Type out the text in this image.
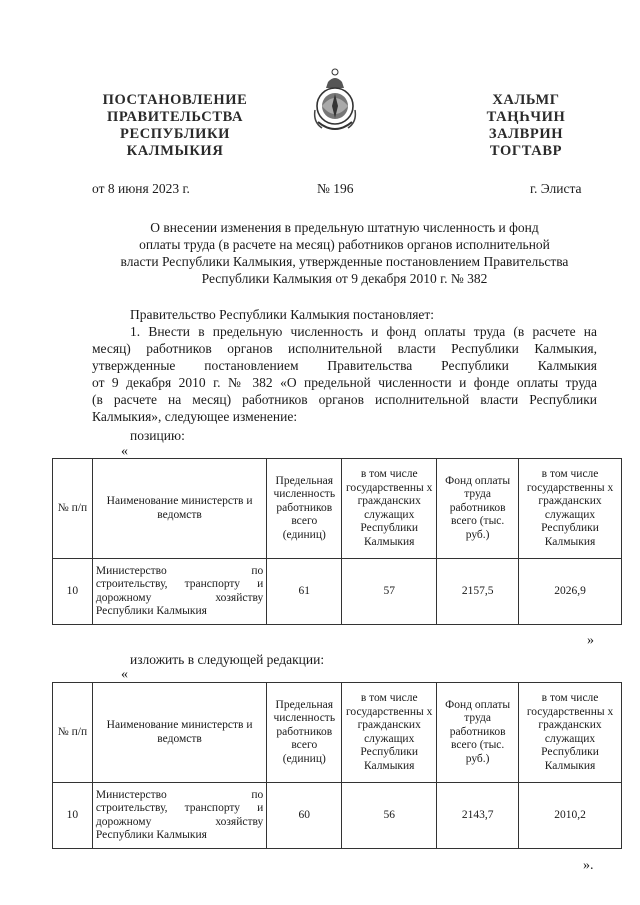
ПОСТАНОВЛЕНИЕ
ПРАВИТЕЛЬСТВА
РЕСПУБЛИКИ
КАЛМЫКИЯ
ХАЛЬМГ
ТАҢҺЧИН
ЗАЛВРИН
ТОГТАВР
от 8 июня 2023 г.	№ 196	г. Элиста
О внесении изменения в предельную штатную численность и фонд
оплаты труда (в расчете на месяц) работников органов исполнительной
власти Республики Калмыкия, утвержденные постановлением Правительства
Республики Калмыкия от 9 декабря 2010 г. № 382
Правительство Республики Калмыкия постановляет:
1. Внести в предельную численность и фонд оплаты труда (в расчете на
месяц) работников органов исполнительной власти Республики Калмыкия,
утвержденные постановлением Правительства Республики Калмыкия
от 9 декабря 2010 г. № 382 «О предельной численности и фонде оплаты труда
(в расчете на месяц) работников органов исполнительной власти Республики
Калмыкия», следующее изменение:
позицию:
«
№ п/п	Наименование министерств и ведомств	Предельная численность работников всего (единиц)	в том числе государственны х гражданских служащих Республики Калмыкия	Фонд оплаты труда работников всего (тыс. руб.)	в том числе государственны х гражданских служащих Республики Калмыкия
10	Министерство по
строительству, транспорту и
дорожному хозяйству
Республики Калмыкия	61	57	2157,5	2026,9
»
изложить в следующей редакции:
«
№ п/п	Наименование министерств и ведомств	Предельная численность работников всего (единиц)	в том числе государственны х гражданских служащих Республики Калмыкия	Фонд оплаты труда работников всего (тыс. руб.)	в том числе государственны х гражданских служащих Республики Калмыкия
10	Министерство по
строительству, транспорту и
дорожному хозяйству
Республики Калмыкия	60	56	2143,7	2010,2
».
